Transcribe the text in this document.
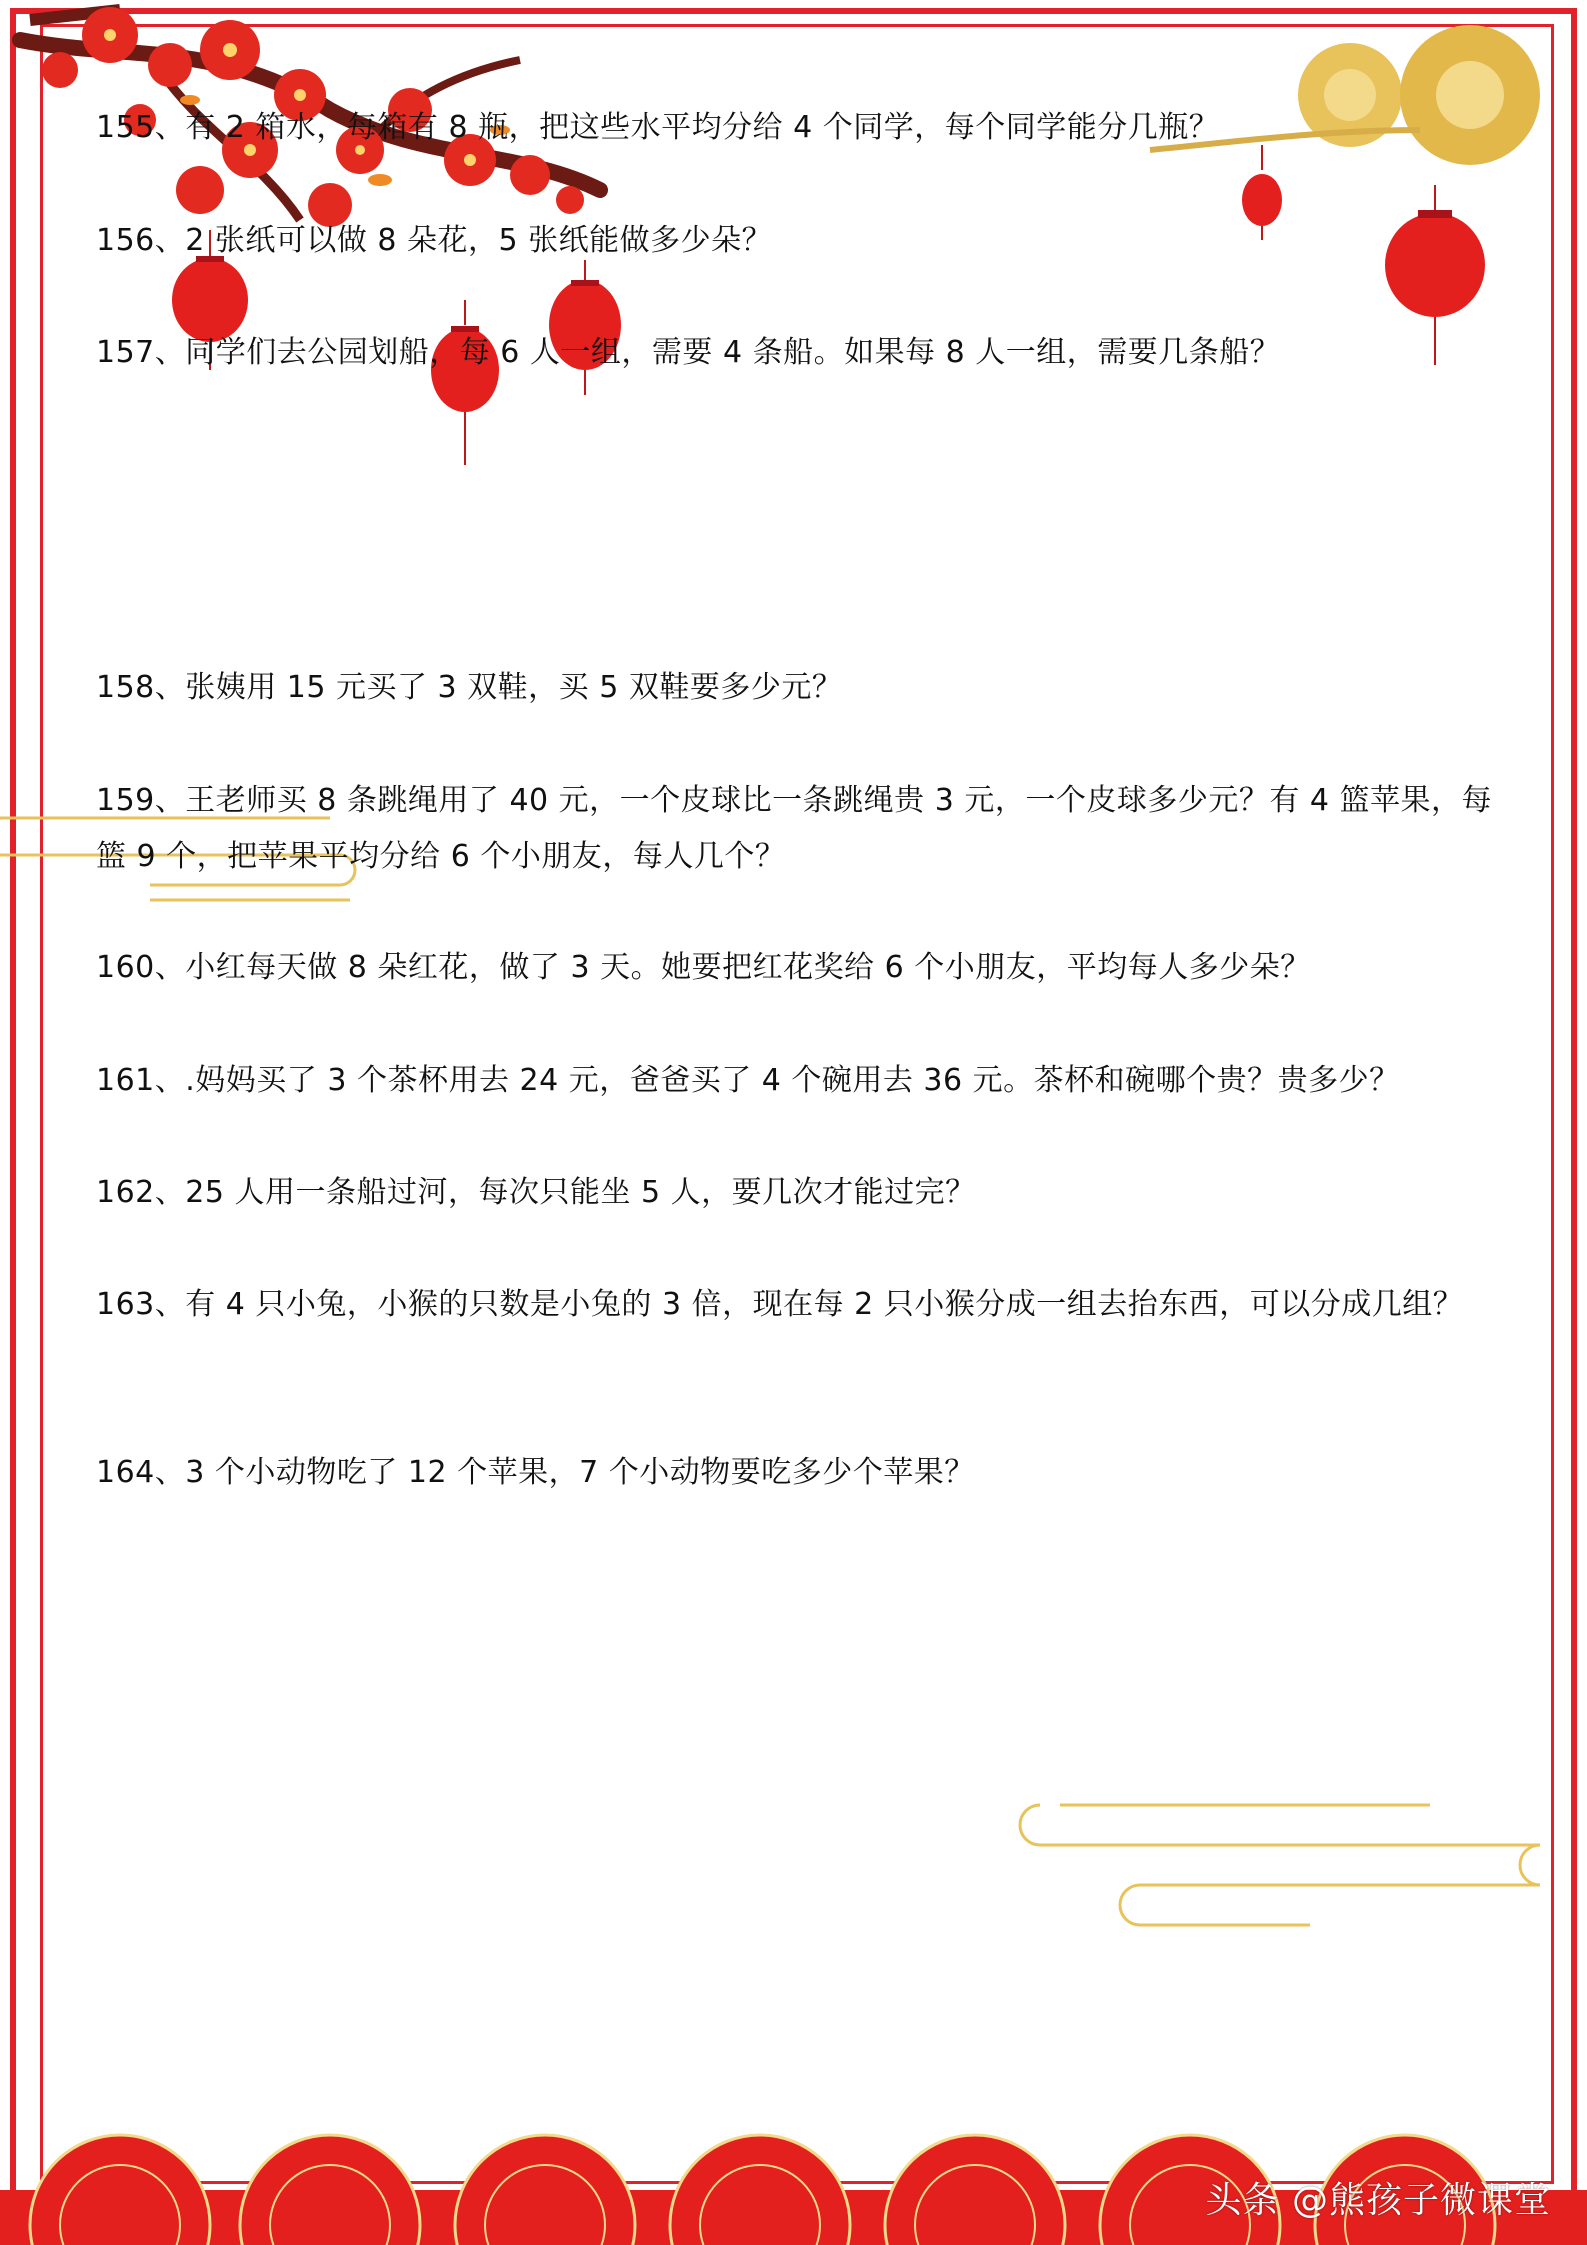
155、有 2 箱水，每箱有 8 瓶，把这些水平均分给 4 个同学，每个同学能分几瓶？

156、2 张纸可以做 8 朵花，5 张纸能做多少朵？

157、同学们去公园划船，每 6 人一组，需要 4 条船。如果每 8 人一组，需要几条船？

158、张姨用 15 元买了 3 双鞋，买 5 双鞋要多少元？

159、王老师买 8 条跳绳用了 40 元，一个皮球比一条跳绳贵 3 元，一个皮球多少元？有 4 篮苹果，每篮 9 个，把苹果平均分给 6 个小朋友，每人几个？

160、小红每天做 8 朵红花，做了 3 天。她要把红花奖给 6 个小朋友，平均每人多少朵？

161、.妈妈买了 3 个茶杯用去 24 元，爸爸买了 4 个碗用去 36 元。茶杯和碗哪个贵？贵多少？

162、25 人用一条船过河，每次只能坐 5 人，要几次才能过完？

163、有 4 只小兔，小猴的只数是小兔的 3 倍，现在每 2 只小猴分成一组去抬东西，可以分成几组？

164、3 个小动物吃了 12 个苹果，7 个小动物要吃多少个苹果？

头条 @熊孩子微课堂
